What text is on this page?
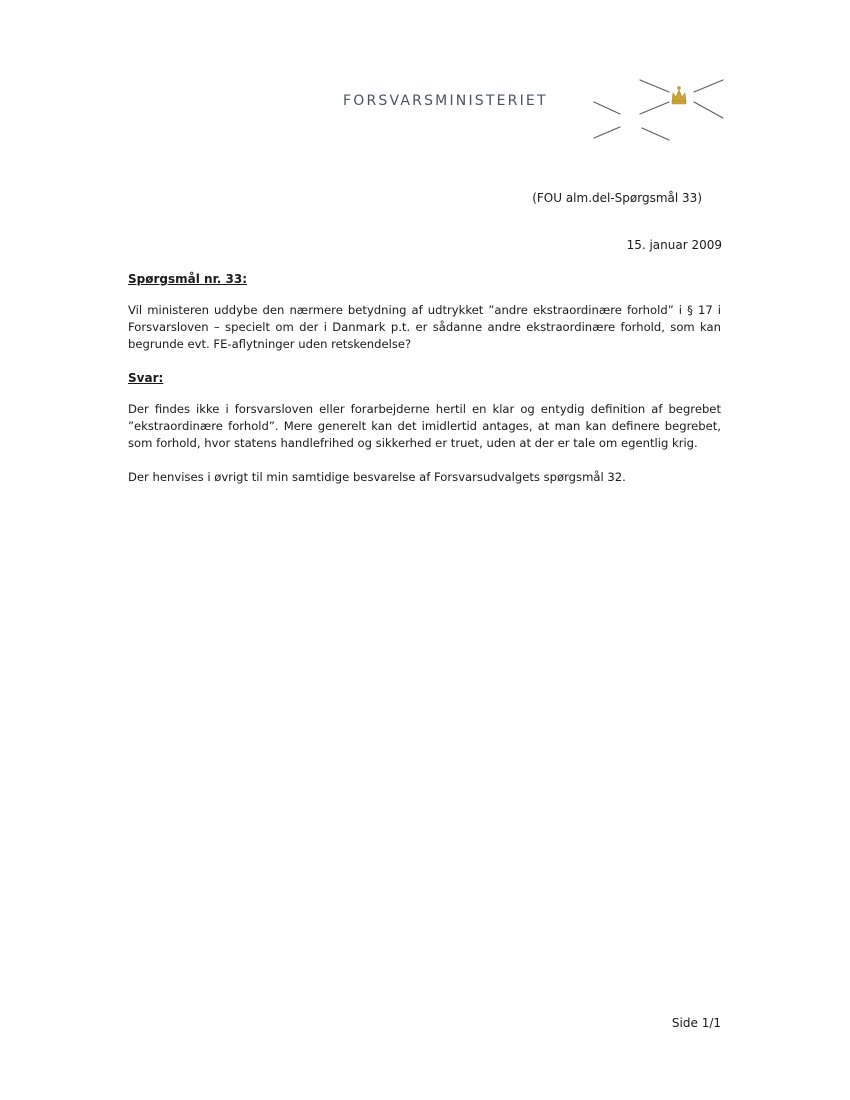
FORSVARSMINISTERIET
(FOU alm.del-Spørgsmål 33)
15. januar 2009
Spørgsmål nr. 33:

Vil ministeren uddybe den nærmere betydning af udtrykket ”andre ekstraordinære forhold” i § 17 i Forsvarsloven – specielt om der i Danmark p.t. er sådanne andre ekstraordinære forhold, som kan begrunde evt. FE-aflytninger uden retskendelse?

Svar:

Der findes ikke i forsvarsloven eller forarbejderne hertil en klar og entydig definition af begrebet ”ekstraordinære forhold”. Mere generelt kan det imidlertid antages, at man kan definere begrebet, som forhold, hvor statens handlefrihed og sikkerhed er truet, uden at der er tale om egentlig krig.

Der henvises i øvrigt til min samtidige besvarelse af Forsvarsudvalgets spørgsmål 32.

Side 1/1
